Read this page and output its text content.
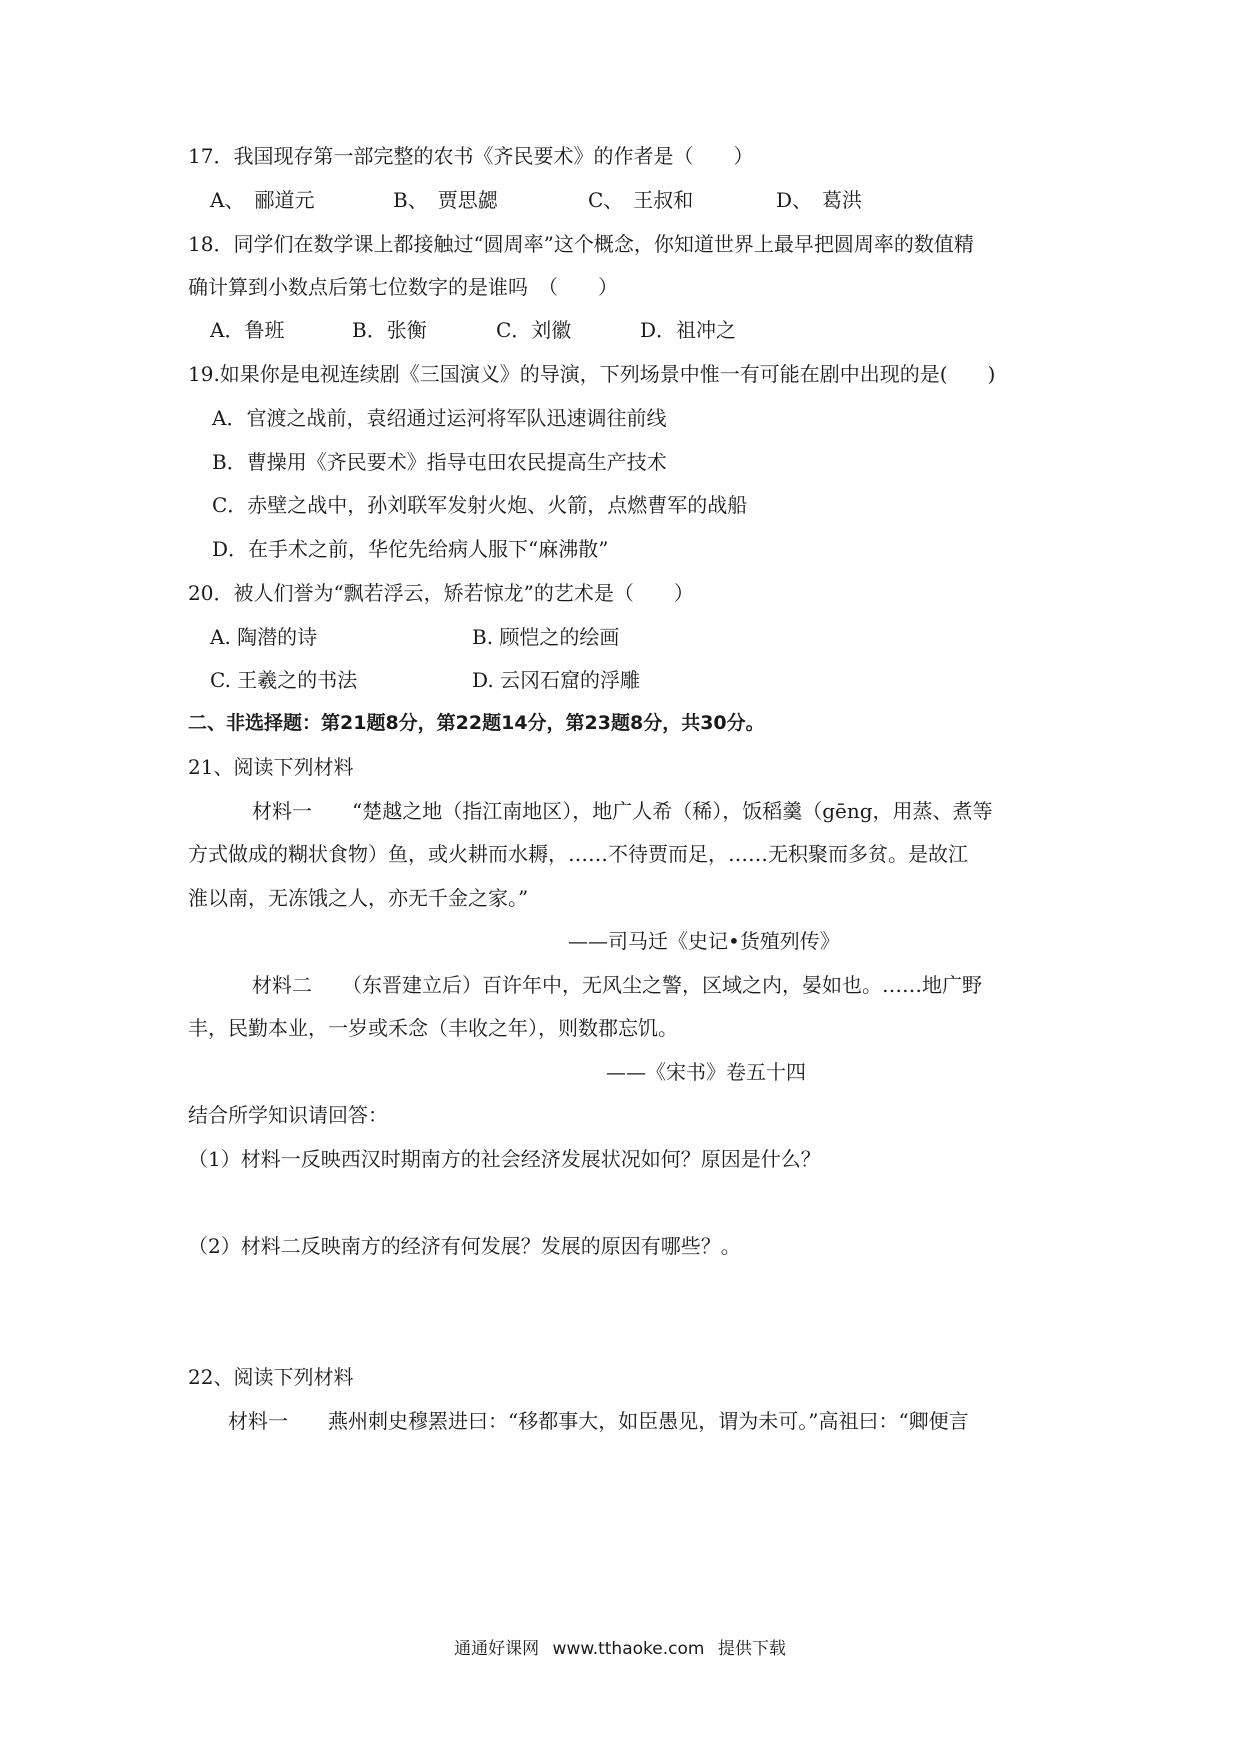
17．我国现存第一部完整的农书《齐民要术》的作者是（　　）
A、　郦道元	B、　贾思勰	C、　王叔和	D、　葛洪
18．同学们在数学课上都接触过“圆周率”这个概念，你知道世界上最早把圆周率的数值精
确计算到小数点后第七位数字的是谁吗　（　　）
A．鲁班	B．张衡	C．刘徽	D．祖冲之
19.如果你是电视连续剧《三国演义》的导演，下列场景中惟一有可能在剧中出现的是(　　)
A．官渡之战前，袁绍通过运河将军队迅速调往前线
B．曹操用《齐民要术》指导屯田农民提高生产技术
C．赤壁之战中，孙刘联军发射火炮、火箭，点燃曹军的战船
D．在手术之前，华佗先给病人服下“麻沸散”
20．被人们誉为“飘若浮云，矫若惊龙”的艺术是（　　）
A. 陶潜的诗	B. 顾恺之的绘画
C. 王羲之的书法	D. 云冈石窟的浮雕
二、非选择题：第21题8分，第22题14分，第23题8分，共30分。
21、阅读下列材料
材料一　　“楚越之地（指江南地区），地广人希（稀），饭稻羹（gēng，用蒸、煮等
方式做成的糊状食物）鱼，或火耕而水耨，……不待贾而足，……无积聚而多贫。是故江
淮以南，无冻饿之人，亦无千金之家。”
——司马迁《史记•货殖列传》
材料二　　（东晋建立后）百许年中，无风尘之警，区域之内，晏如也。……地广野
丰，民勤本业，一岁或禾念（丰收之年），则数郡忘饥。
——《宋书》卷五十四
结合所学知识请回答：
（1）材料一反映西汉时期南方的社会经济发展状况如何？原因是什么？
（2）材料二反映南方的经济有何发展？发展的原因有哪些？。
22、阅读下列材料
材料一　　燕州刺史穆罴进曰：“移都事大，如臣愚见，谓为未可。”高祖曰：“卿便言
通通好课网 www.tthaoke.com 提供下载
